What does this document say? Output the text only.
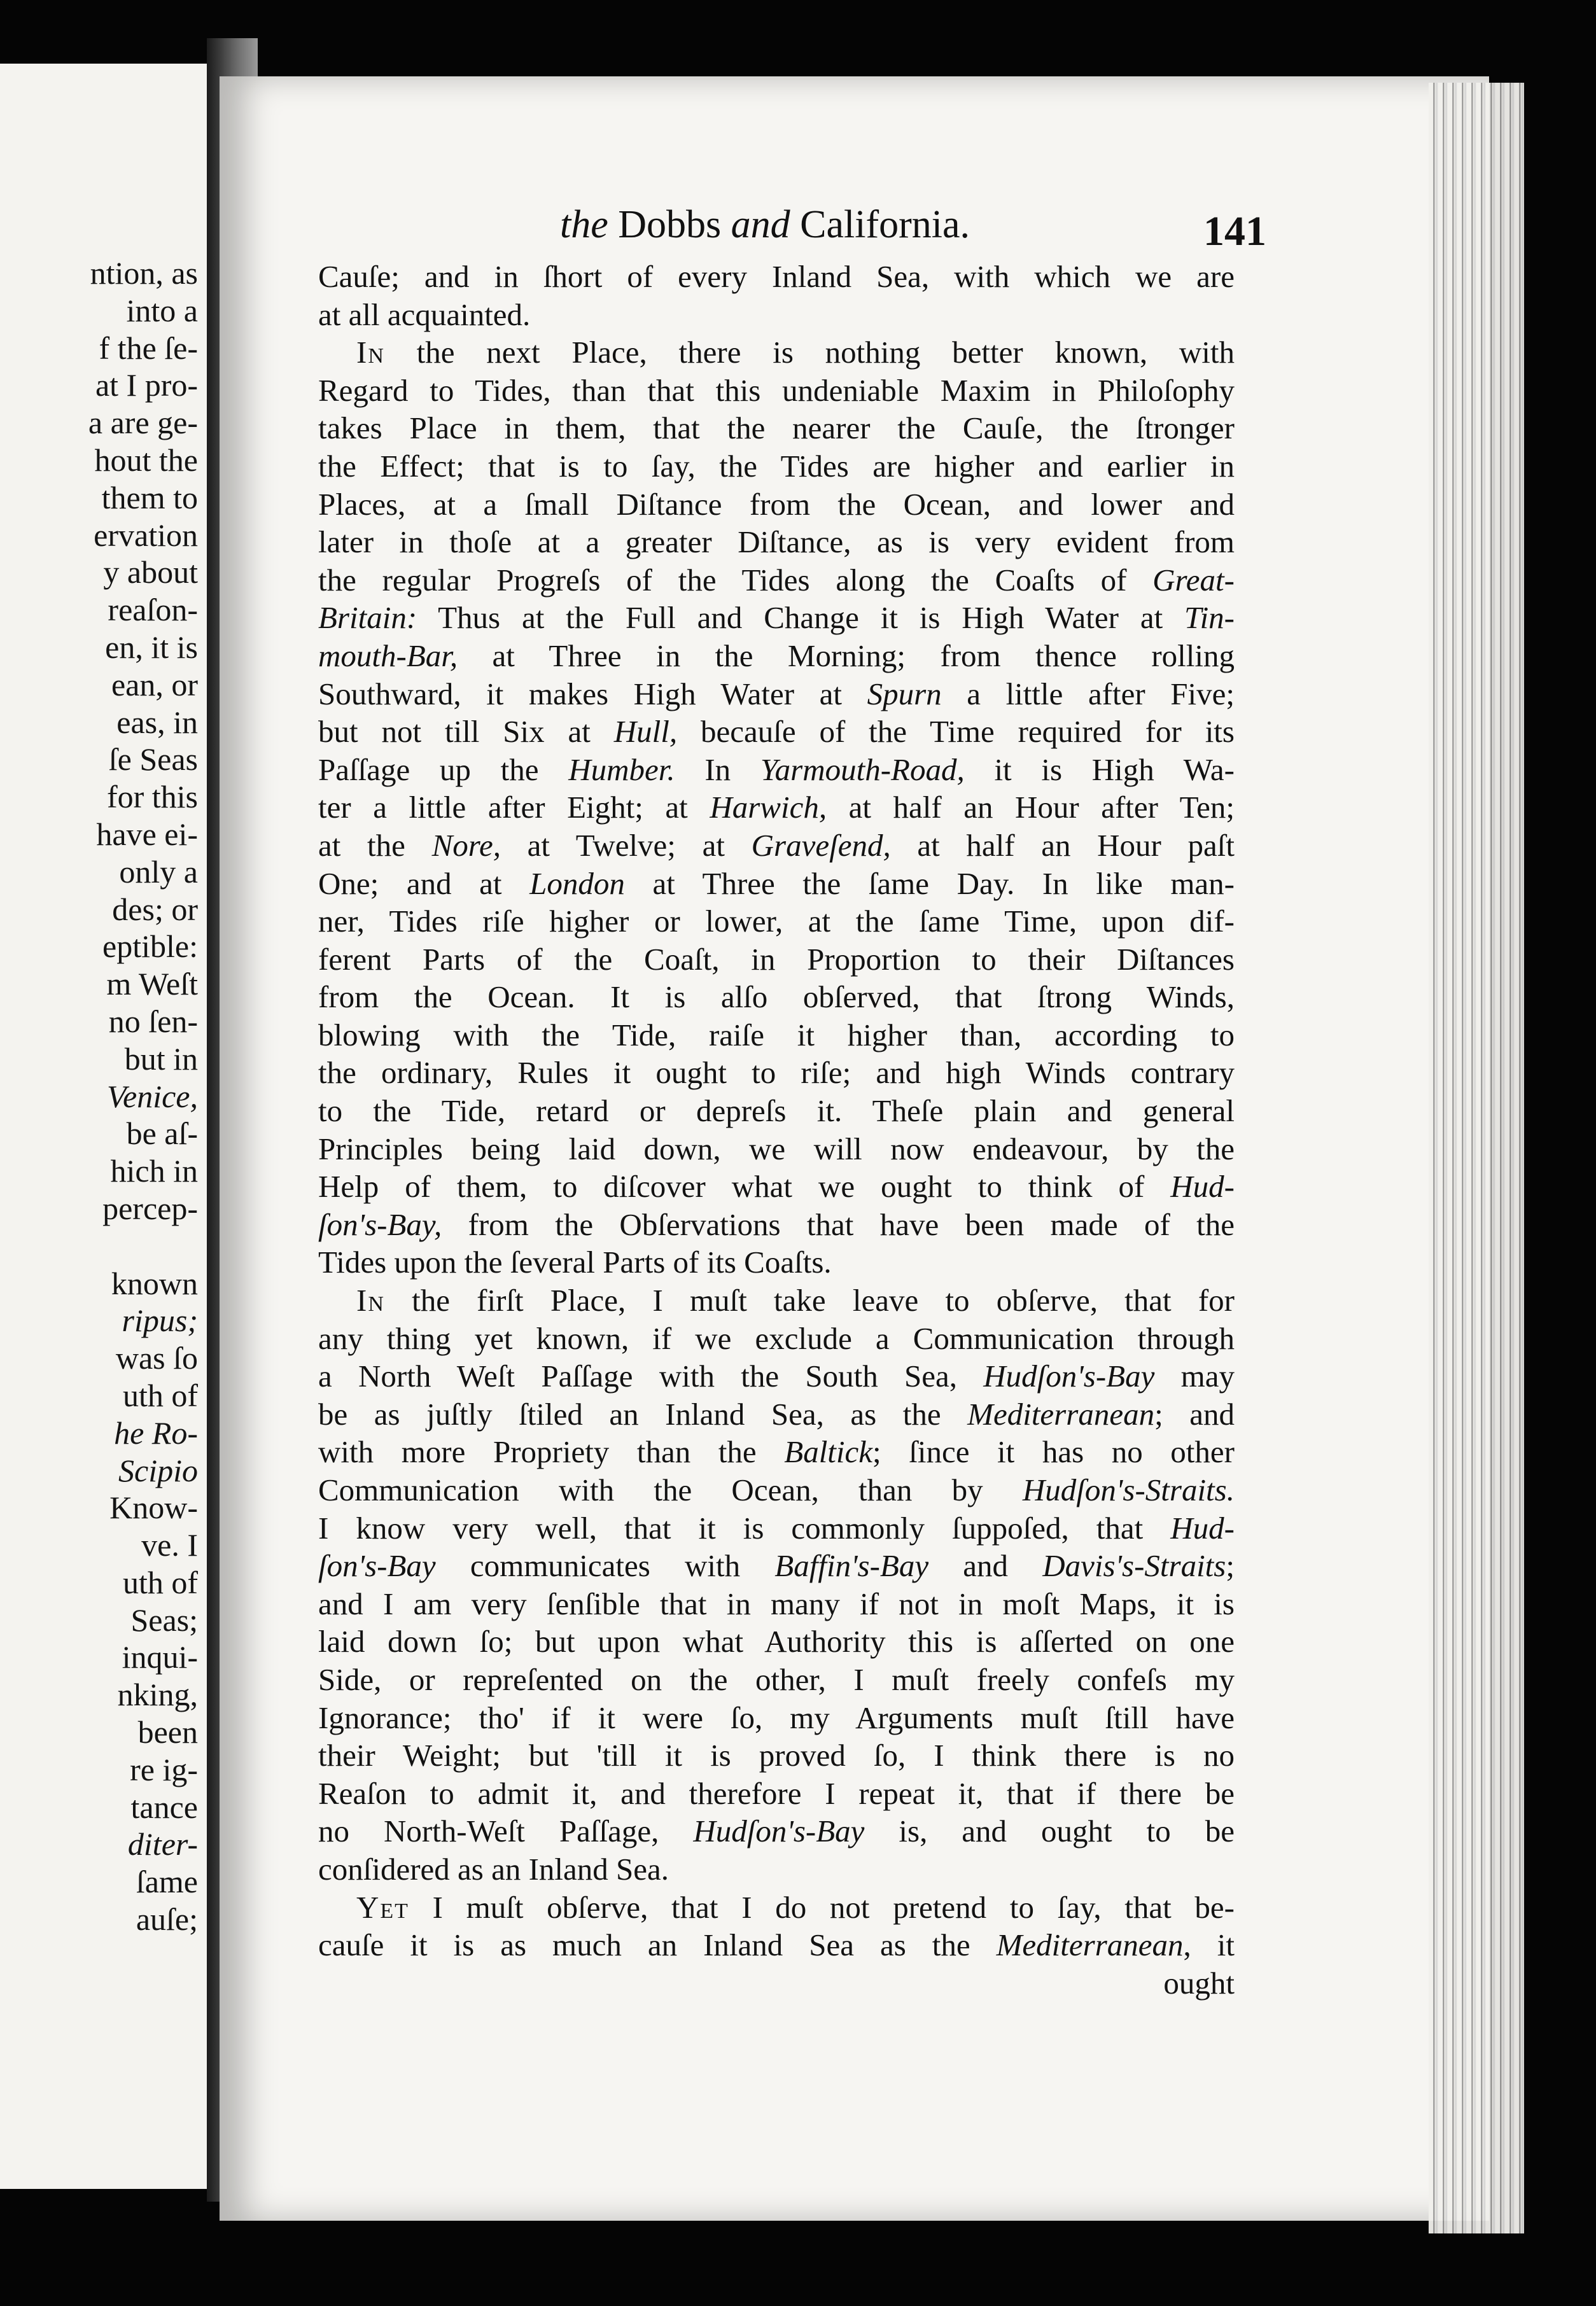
ntion, as
into a
f the ſe-
at I pro-
a are ge-
hout the
them to
ervation
y about
reaſon-
en, it is
ean, or
eas, in
ſe Seas
for this
have ei-
only a
des; or
eptible:
m Weſt
no ſen-
but in
Venice,
be aſ-
hich in
percep-
known
ripus;
was ſo
uth of
he Ro-
Scipio
Know-
ve. I
uth of
Seas;
inqui-
nking,
been
re ig-
tance
diter-
ſame
auſe;
the Dobbs and California.	141

Cauſe; and in ſhort of every Inland Sea, with which we are
at all acquainted.

In the next Place, there is nothing better known, with
Regard to Tides, than that this undeniable Maxim in Philoſophy
takes Place in them, that the nearer the Cauſe, the ſtronger
the Effect; that is to ſay, the Tides are higher and earlier in
Places, at a ſmall Diſtance from the Ocean, and lower and
later in thoſe at a greater Diſtance, as is very evident from
the regular Progreſs of the Tides along the Coaſts of Great-
Britain: Thus at the Full and Change it is High Water at Tin-
mouth-Bar, at Three in the Morning; from thence rolling
Southward, it makes High Water at Spurn a little after Five;
but not till Six at Hull, becauſe of the Time required for its
Paſſage up the Humber. In Yarmouth-Road, it is High Wa-
ter a little after Eight; at Harwich, at half an Hour after Ten;
at the Nore, at Twelve; at Graveſend, at half an Hour paſt
One; and at London at Three the ſame Day. In like man-
ner, Tides riſe higher or lower, at the ſame Time, upon dif-
ferent Parts of the Coaſt, in Proportion to their Diſtances
from the Ocean. It is alſo obſerved, that ſtrong Winds,
blowing with the Tide, raiſe it higher than, according to
the ordinary, Rules it ought to riſe; and high Winds contrary
to the Tide, retard or depreſs it. Theſe plain and general
Principles being laid down, we will now endeavour, by the
Help of them, to diſcover what we ought to think of Hud-
ſon's-Bay, from the Obſervations that have been made of the
Tides upon the ſeveral Parts of its Coaſts.

In the firſt Place, I muſt take leave to obſerve, that for
any thing yet known, if we exclude a Communication through
a North Weſt Paſſage with the South Sea, Hudſon's-Bay may
be as juſtly ſtiled an Inland Sea, as the Mediterranean; and
with more Propriety than the Baltick; ſince it has no other
Communication with the Ocean, than by Hudſon's-Straits.
I know very well, that it is commonly ſuppoſed, that Hud-
ſon's-Bay communicates with Baffin's-Bay and Davis's-Straits;
and I am very ſenſible that in many if not in moſt Maps, it is
laid down ſo; but upon what Authority this is aſſerted on one
Side, or repreſented on the other, I muſt freely confeſs my
Ignorance; tho' if it were ſo, my Arguments muſt ſtill have
their Weight; but 'till it is proved ſo, I think there is no
Reaſon to admit it, and therefore I repeat it, that if there be
no North-Weſt Paſſage, Hudſon's-Bay is, and ought to be
conſidered as an Inland Sea.

Yet I muſt obſerve, that I do not pretend to ſay, that be-
cauſe it is as much an Inland Sea as the Mediterranean, it
ought
